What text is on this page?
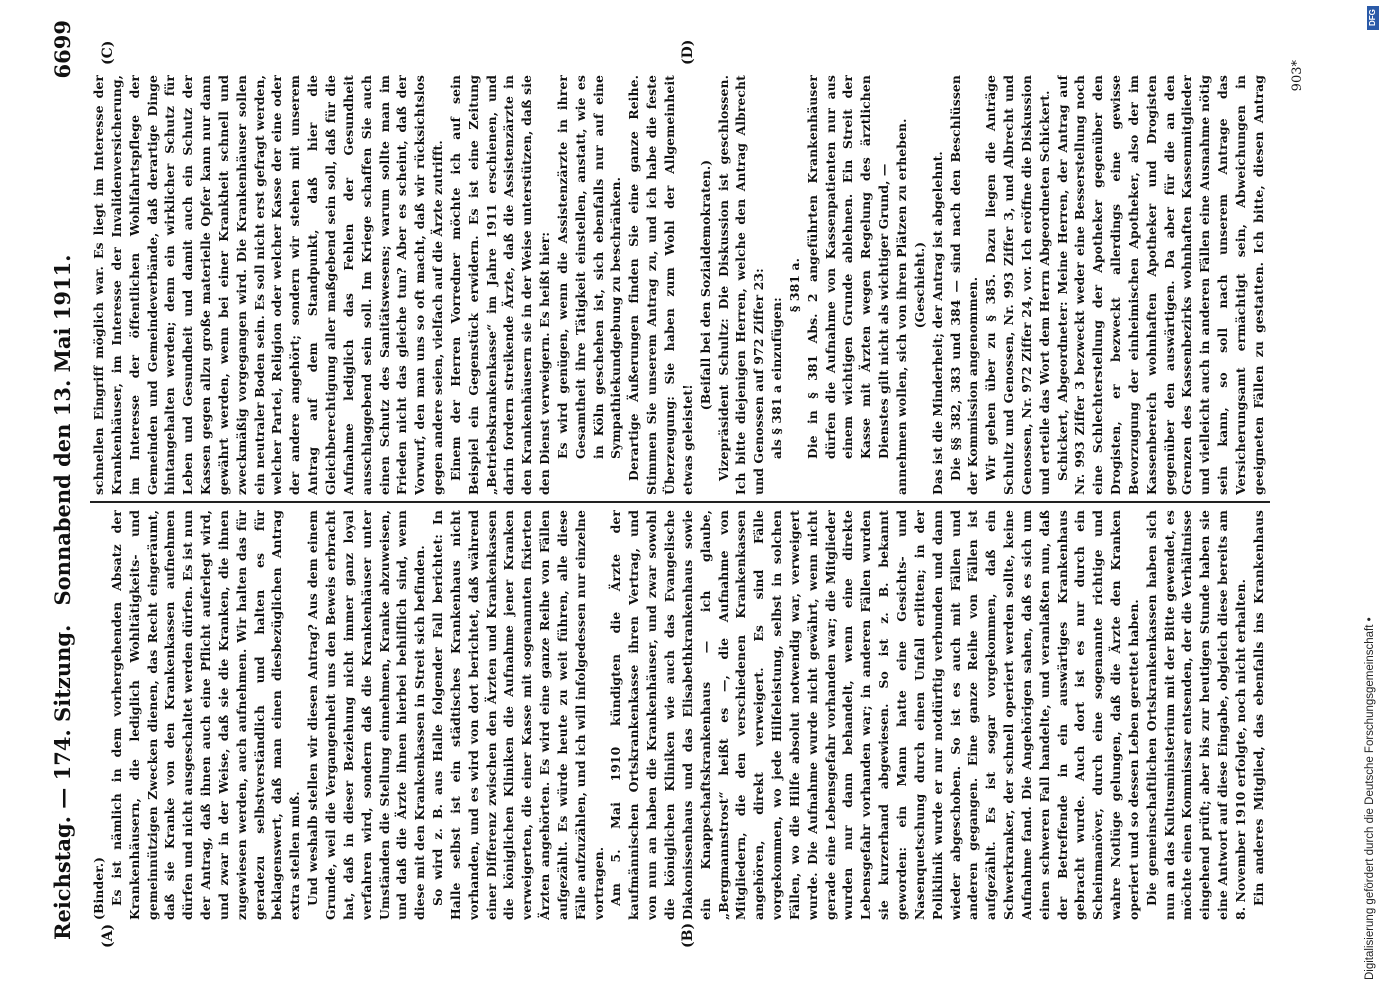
Reichstag. — 174. Sitzung.
Sonnabend den 13. Mai 1911.
6699
(A)	(B)
(C)	(D)

(Binder.) Es ist nämlich in dem vorhergehenden Absatz der Krankenhäusern, die lediglich Wohltätigkeits- und gemeinnützigen Zwecken dienen, das Recht eingeräumt, daß sie Kranke von den Krankenkassen aufnehmen dürfen und nicht ausgeschaltet werden dürfen. Es ist nun der Antrag, daß ihnen auch eine Pflicht auferlegt wird, und zwar in der Weise, daß sie die Kranken, die ihnen zugewiesen werden, auch aufnehmen. Wir halten das für geradezu selbstverständlich und halten es für beklagenswert, daß man einen diesbezüglichen Antrag extra stellen muß. Und weshalb stellen wir diesen Antrag? Aus dem einem Grunde, weil die Vergangenheit uns den Beweis erbracht hat, daß in dieser Beziehung nicht immer ganz loyal verfahren wird, sondern daß die Krankenhäuser unter Umständen die Stellung einnehmen, Kranke abzuweisen, und daß die Ärzte ihnen hierbei behilflich sind, wenn diese mit den Krankenkassen in Streit sich befinden. So wird z. B. aus Halle folgender Fall berichtet: In Halle selbst ist ein städtisches Krankenhaus nicht vorhanden, und es wird von dort berichtet, daß während einer Differenz zwischen den Ärzten und Krankenkassen die königlichen Kliniken die Aufnahme jener Kranken verweigerten, die einer Kasse mit sogenannten fixierten Ärzten angehörten. Es wird eine ganze Reihe von Fällen aufgezählt. Es würde heute zu weit führen, alle diese Fälle aufzuzählen, und ich will infolgedessen nur einzelne vortragen. Am 5. Mai 1910 kündigten die Ärzte der kaufmännischen Ortskrankenkasse ihren Vertrag, und von nun an haben die Krankenhäuser, und zwar sowohl die königlichen Kliniken wie auch das Evangelische Diakonissenhaus und das Elisabethkrankenhaus sowie ein Knappschaftskrankenhaus — ich glaube, „Bergmannstrost“ heißt es —, die Aufnahme von Mitgliedern, die den verschiedenen Krankenkassen angehören, direkt verweigert. Es sind Fälle vorgekommen, wo jede Hilfeleistung, selbst in solchen Fällen, wo die Hilfe absolut notwendig war, verweigert wurde. Die Aufnahme wurde nicht gewährt, wenn nicht gerade eine Lebensgefahr vorhanden war; die Mitglieder wurden nur dann behandelt, wenn eine direkte Lebensgefahr vorhanden war; in anderen Fällen wurden sie kurzerhand abgewiesen. So ist z. B. bekannt geworden: ein Mann hatte eine Gesichts- und Nasenquetschung durch einen Unfall erlitten; in der Poliklinik wurde er nur notdürftig verbunden und dann wieder abgeschoben. So ist es auch mit Fällen und anderen gegangen. Eine ganze Reihe von Fällen ist aufgezählt. Es ist sogar vorgekommen, daß ein Schwerkranker, der schnell operiert werden sollte, keine Aufnahme fand. Die Angehörigen sahen, daß es sich um einen schweren Fall handelte, und veranlaßten nun, daß der Betreffende in ein auswärtiges Krankenhaus gebracht wurde. Auch dort ist es nur durch ein Scheinmanöver, durch eine sogenannte richtige und wahre Notlüge gelungen, daß die Ärzte den Kranken operiert und so dessen Leben gerettet haben. Die gemeinschaftlichen Ortskrankenkassen haben sich nun an das Kultusministerium mit der Bitte gewendet, es möchte einen Kommissar entsenden, der die Verhältnisse eingehend prüft; aber bis zur heutigen Stunde haben sie eine Antwort auf diese Eingabe, obgleich diese bereits am 8. November 1910 erfolgte, noch nicht erhalten. Ein anderes Mitglied, das ebenfalls ins Krankenhaus

schnellen Eingriff möglich war. Es liegt im Interesse der Krankenhäuser, im Interesse der Invalidenversicherung, im Interesse der öffentlichen Wohlfahrtspflege der Gemeinden und Gemeindeverbände, daß derartige Dinge hintangehalten werden; denn ein wirklicher Schutz für Leben und Gesundheit und damit auch ein Schutz der Kassen gegen allzu große materielle Opfer kann nur dann gewährt werden, wenn bei einer Krankheit schnell und zweckmäßig vorgegangen wird. Die Krankenhäuser sollen ein neutraler Boden sein. Es soll nicht erst gefragt werden, welcher Partei, Religion oder welcher Kasse der eine oder der andere angehört; sondern wir stehen mit unserem Antrag auf dem Standpunkt, daß hier die Gleichberechtigung aller maßgebend sein soll, daß für die Aufnahme lediglich das Fehlen der Gesundheit ausschlaggebend sein soll. Im Kriege schaffen Sie auch einen Schutz des Sanitätswesens; warum sollte man im Frieden nicht das gleiche tun? Aber es scheint, daß der Vorwurf, den man uns so oft macht, daß wir rücksichtslos gegen andere seien, vielfach auf die Ärzte zutrifft. Einem der Herren Vorredner möchte ich auf sein Beispiel ein Gegenstück erwidern. Es ist eine Zeitung „Betriebskrankenkasse“ im Jahre 1911 erschienen, und darin fordern streikende Ärzte, daß die Assistenzärzte in den Krankenhäusern sie in der Weise unterstützen, daß sie den Dienst verweigern. Es heißt hier: Es wird genügen, wenn die Assistenzärzte in ihrer Gesamtheit ihre Tätigkeit einstellen, anstatt, wie es in Köln geschehen ist, sich ebenfalls nur auf eine Sympathiekundgebung zu beschränken. Derartige Äußerungen finden Sie eine ganze Reihe. Stimmen Sie unserem Antrag zu, und ich habe die feste Überzeugung: Sie haben zum Wohl der Allgemeinheit etwas geleistet!

(Beifall bei den Sozialdemokraten.) Vizepräsident Schultz: Die Diskussion ist geschlossen. Ich bitte diejenigen Herren, welche den Antrag Albrecht und Genossen auf 972 Ziffer 23: als § 381 a einzufügen:

§ 381 a. Die in § 381 Abs. 2 angeführten Krankenhäuser dürfen die Aufnahme von Kassenpatienten nur aus einem wichtigen Grunde ablehnen. Ein Streit der Kasse mit Ärzten wegen Regelung des ärztlichen Dienstes gilt nicht als wichtiger Grund, — annehmen wollen, sich von ihren Plätzen zu erheben. (Geschieht.) Das ist die Minderheit; der Antrag ist abgelehnt. Die §§ 382, 383 und 384 — sind nach den Beschlüssen der Kommission angenommen. Wir gehen über zu § 385. Dazu liegen die Anträge Schultz und Genossen, Nr. 993 Ziffer 3, und Albrecht und Genossen, Nr. 972 Ziffer 24, vor. Ich eröffne die Diskussion und erteile das Wort dem Herrn Abgeordneten Schickert. Schickert, Abgeordneter: Meine Herren, der Antrag auf Nr. 993 Ziffer 3 bezweckt weder eine Besserstellung noch eine Schlechterstellung der Apotheker gegenüber den Drogisten, er bezweckt allerdings eine gewisse Bevorzugung der einheimischen Apotheker, also der im Kassenbereich wohnhaften Apotheker und Drogisten gegenüber den auswärtigen. Da aber für die an den Grenzen des Kassenbezirks wohnhaften Kassenmitglieder und vielleicht auch in anderen Fällen eine Ausnahme nötig sein kann, so soll nach unserem Antrage das Versicherungsamt ermächtigt sein, Abweichungen in geeigneten Fällen zu gestatten. Ich bitte, diesen Antrag	903*
Digitalisierung gefördert durch die Deutsche Forschungsgemeinschaft •
DFG
